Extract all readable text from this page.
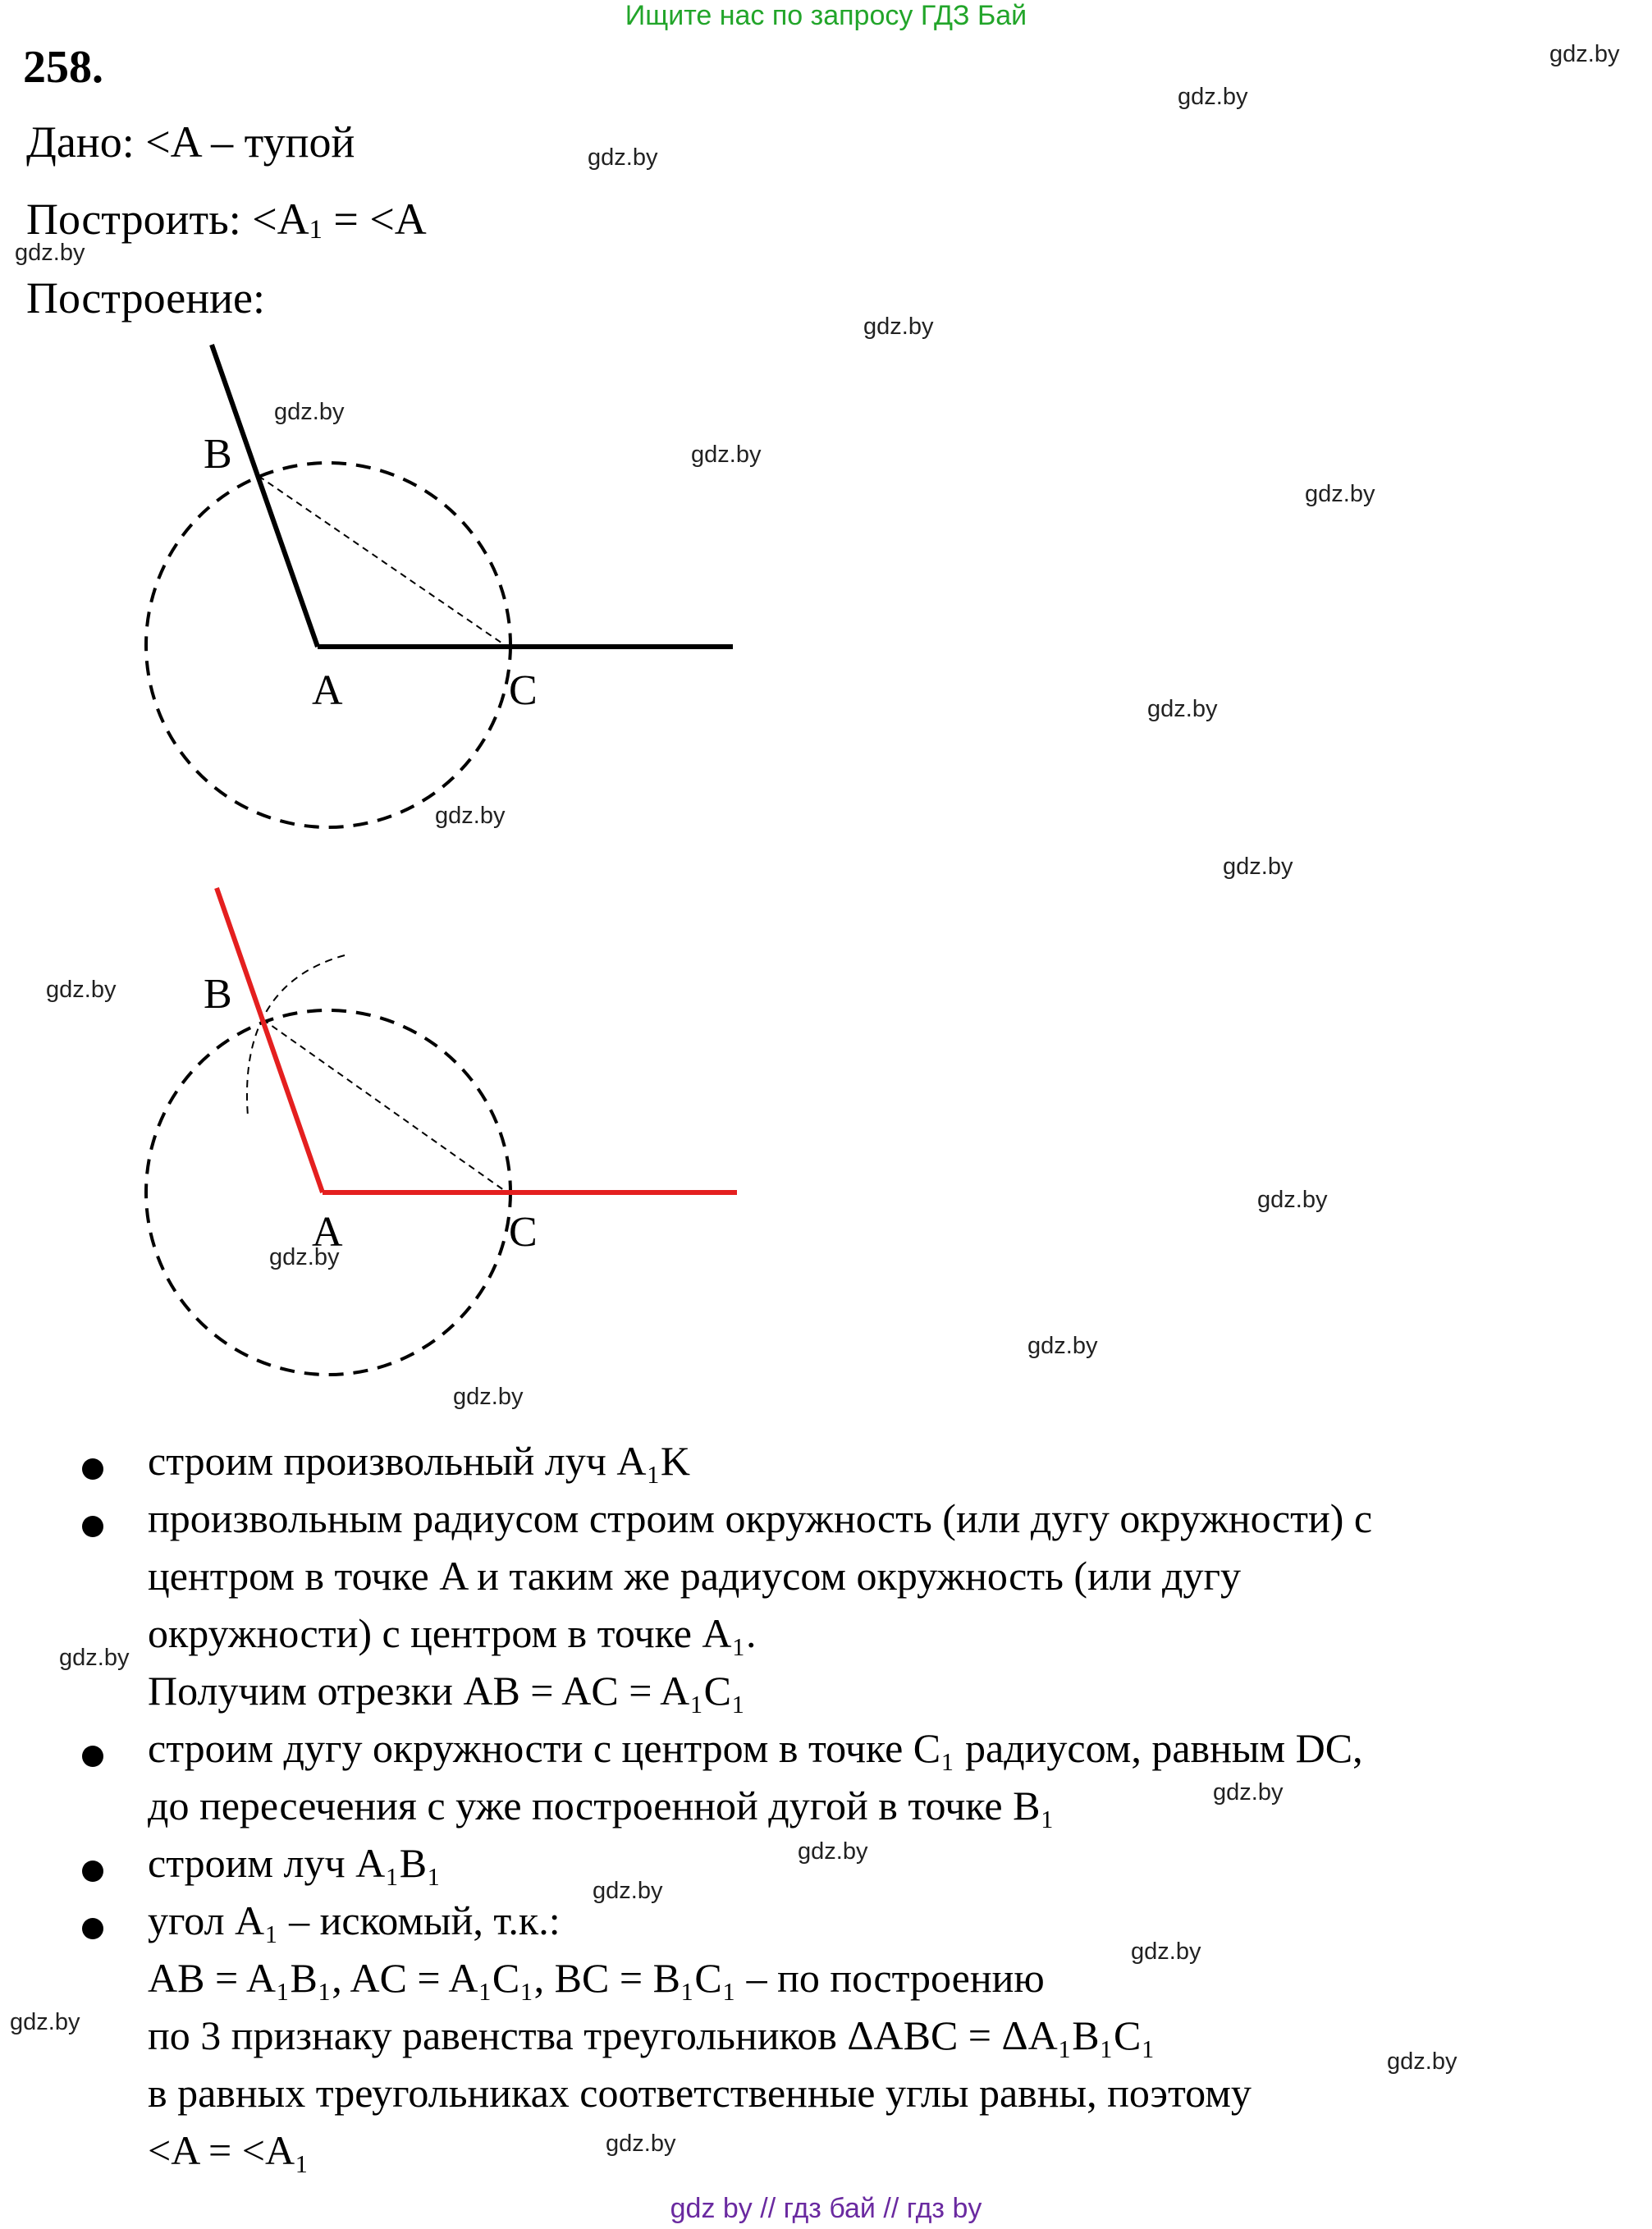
Ищите нас по запросу ГДЗ Бай
258.
Дано: <A – тупой
Построить: $<A_1 = <A$
Построение:
B
A	C
B
A	C
строим произвольный луч A₁K
произвольным радиусом строим окружность (или дугу окружности) с
центром в точке A и таким же радиусом окружность (или дугу
окружности) с центром в точке A₁.
Получим отрезки AB = AC = A₁C₁
строим дугу окружности с центром в точке C₁ радиусом, равным DC,
до пересечения с уже построенной дугой в точке B₁
строим луч A₁B₁
угол A₁ – искомый, т.к.:
AB = A₁B₁, AC = A₁C₁, BC = B₁C₁ – по построению
по 3 признаку равенства треугольников ΔABC = ΔA₁B₁C₁
в равных треугольниках соответственные углы равны, поэтому
<A = <A₁
gdz.by
gdz.by
gdz.by
gdz.by
gdz.by
gdz.by
gdz.by
gdz.by
gdz.by
gdz.by
gdz.by
gdz.by
gdz.by
gdz.by
gdz.by
gdz.by
gdz.by
gdz.by
gdz.by
gdz.by
gdz.by
gdz.by
gdz.by
gdz.by
gdz by // гдз бай // гдз by
